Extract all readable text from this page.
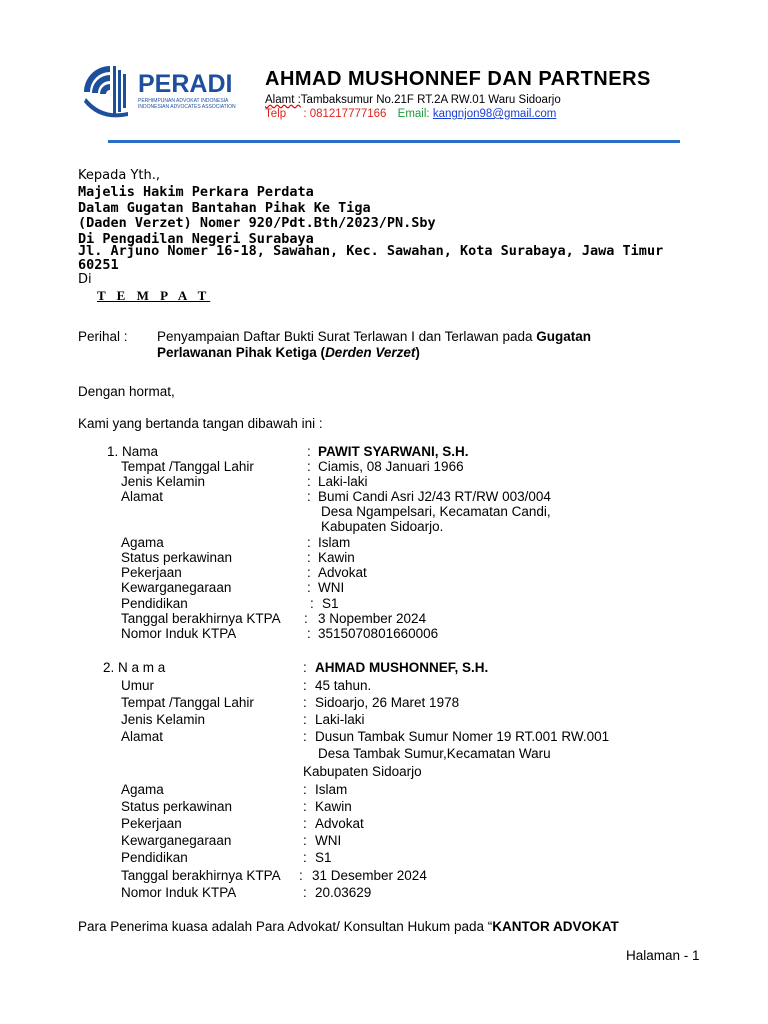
PERADI
PERHIMPUNAN ADVOKAT INDONESIA
INDONESIAN ADVOCATES ASSOCIATION
AHMAD MUSHONNEF DAN PARTNERS
Alamt :Tambaksumur No.21F RT.2A RW.01 Waru Sidoarjo
Telp : 081217777166 Email: kangnjon98@gmail.com
Kepada Yth.,
Majelis Hakim Perkara Perdata
Dalam Gugatan Bantahan Pihak Ke Tiga
(Daden Verzet) Nomer 920/Pdt.Bth/2023/PN.Sby
Di Pengadilan Negeri Surabaya
Jl. Arjuno Nomer 16-18, Sawahan, Kec. Sawahan, Kota Surabaya, Jawa Timur
60251
Di
T E M P A T
Perihal : Penyampaian Daftar Bukti Surat Terlawan I dan Terlawan pada Gugatan
Perlawanan Pihak Ketiga (Derden Verzet)
Dengan hormat,
Kami yang bertanda tangan dibawah ini :
1. Nama	: PAWIT SYARWANI, S.H.
Tempat /Tanggal Lahir	: Ciamis, 08 Januari 1966
Jenis Kelamin	: Laki-laki
Alamat	: Bumi Candi Asri J2/43 RT/RW 003/004
Desa Ngampelsari, Kecamatan Candi,
Kabupaten Sidoarjo.
Agama	: Islam
Status perkawinan	: Kawin
Pekerjaan	: Advokat
Kewarganegaraan	: WNI
Pendidikan	: S1
Tanggal berakhirnya KTPA : 3 Nopember 2024
Nomor Induk KTPA	: 3515070801660006
2. N a m a	: AHMAD MUSHONNEF, S.H.
Umur	: 45 tahun.
Tempat /Tanggal Lahir	: Sidoarjo, 26 Maret 1978
Jenis Kelamin	: Laki-laki
Alamat	: Dusun Tambak Sumur Nomer 19 RT.001 RW.001
Desa Tambak Sumur,Kecamatan Waru
Kabupaten Sidoarjo
Agama	: Islam
Status perkawinan	: Kawin
Pekerjaan	: Advokat
Kewarganegaraan	: WNI
Pendidikan	: S1
Tanggal berakhirnya KTPA : 31 Desember 2024
Nomor Induk KTPA	: 20.03629
Para Penerima kuasa adalah Para Advokat/ Konsultan Hukum pada “KANTOR ADVOKAT
Halaman - 1
